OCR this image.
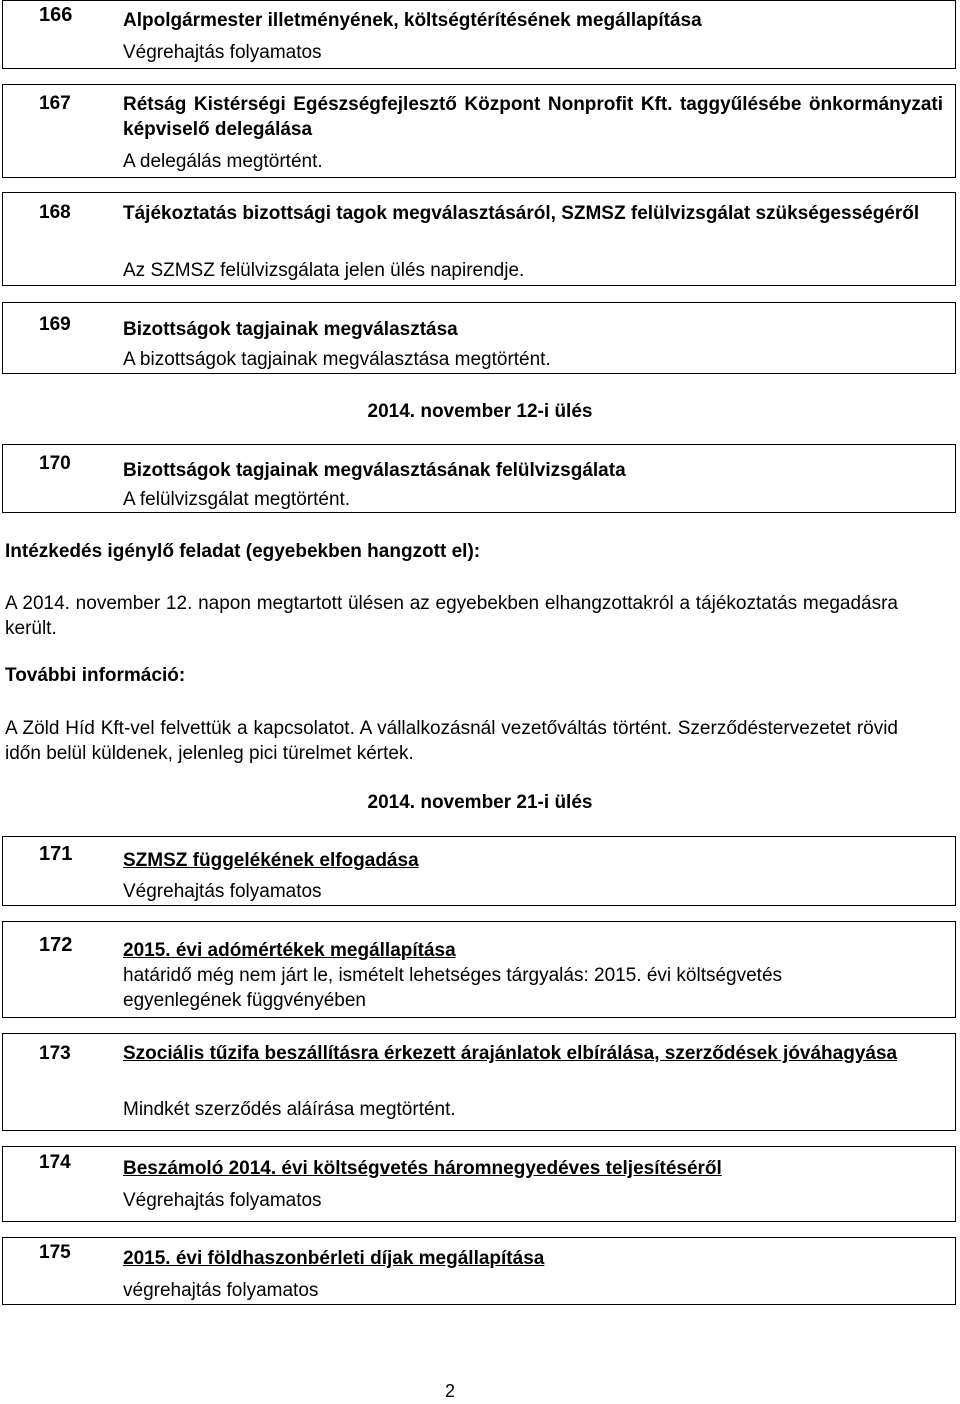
166	Alpolgármester illetményének, költségtérítésének megállapítása
Végrehajtás folyamatos
167	Rétság Kistérségi Egészségfejlesztő Központ Nonprofit Kft. taggyűlésébe önkormányzati képviselő delegálása
A delegálás megtörtént.
168	Tájékoztatás bizottsági tagok megválasztásáról, SZMSZ felülvizsgálat szükségességéről
Az SZMSZ felülvizsgálata jelen ülés napirendje.
169	Bizottságok tagjainak megválasztása
A bizottságok tagjainak megválasztása megtörtént.
2014. november 12-i ülés
170	Bizottságok tagjainak megválasztásának felülvizsgálata
A felülvizsgálat megtörtént.
Intézkedés igénylő feladat (egyebekben hangzott el):
A 2014. november 12. napon megtartott ülésen az egyebekben elhangzottakról a tájékoztatás megadásra került.
További információ:
A Zöld Híd Kft-vel felvettük a kapcsolatot. A vállalkozásnál vezetőváltás történt. Szerződéstervezetet rövid időn belül küldenek, jelenleg pici türelmet kértek.
2014. november 21-i ülés
171	SZMSZ függelékének elfogadása
Végrehajtás folyamatos
172	2015. évi adómértékek megállapítása
határidő még nem járt le, ismételt lehetséges tárgyalás: 2015. évi költségvetés egyenlegének függvényében
173	Szociális tűzifa beszállításra érkezett árajánlatok elbírálása, szerződések jóváhagyása
Mindkét szerződés aláírása megtörtént.
174	Beszámoló 2014. évi költségvetés háromnegyedéves teljesítéséről
Végrehajtás folyamatos
175	2015. évi földhaszonbérleti díjak megállapítása
végrehajtás folyamatos
2
